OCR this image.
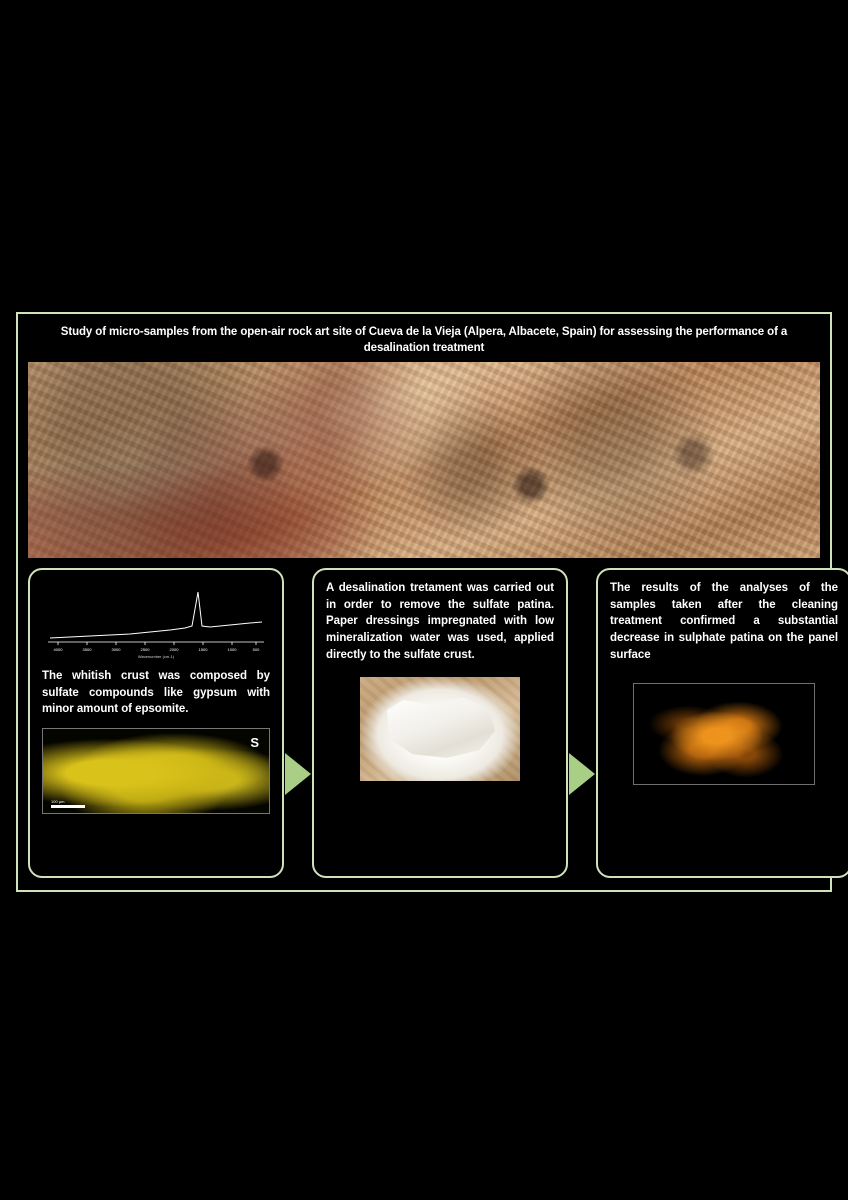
Study of micro-samples from the open-air rock art site of Cueva de la Vieja (Alpera, Albacete, Spain) for assessing the performance of a desalination treatment
4000	3500	3000	2500	2000	1500	1000	500
Wavenumber (cm-1)

The whitish crust was composed by sulfate compounds like gypsum with minor amount of epsomite.

S
100 µm

A desalination tretament was carried out in order to remove the sulfate patina. Paper dressings impregnated with low mineralization water was used, applied directly to the sulfate crust.

The results of the analyses of the samples taken after the cleaning treatment confirmed a substantial decrease in sulphate patina on the panel surface
